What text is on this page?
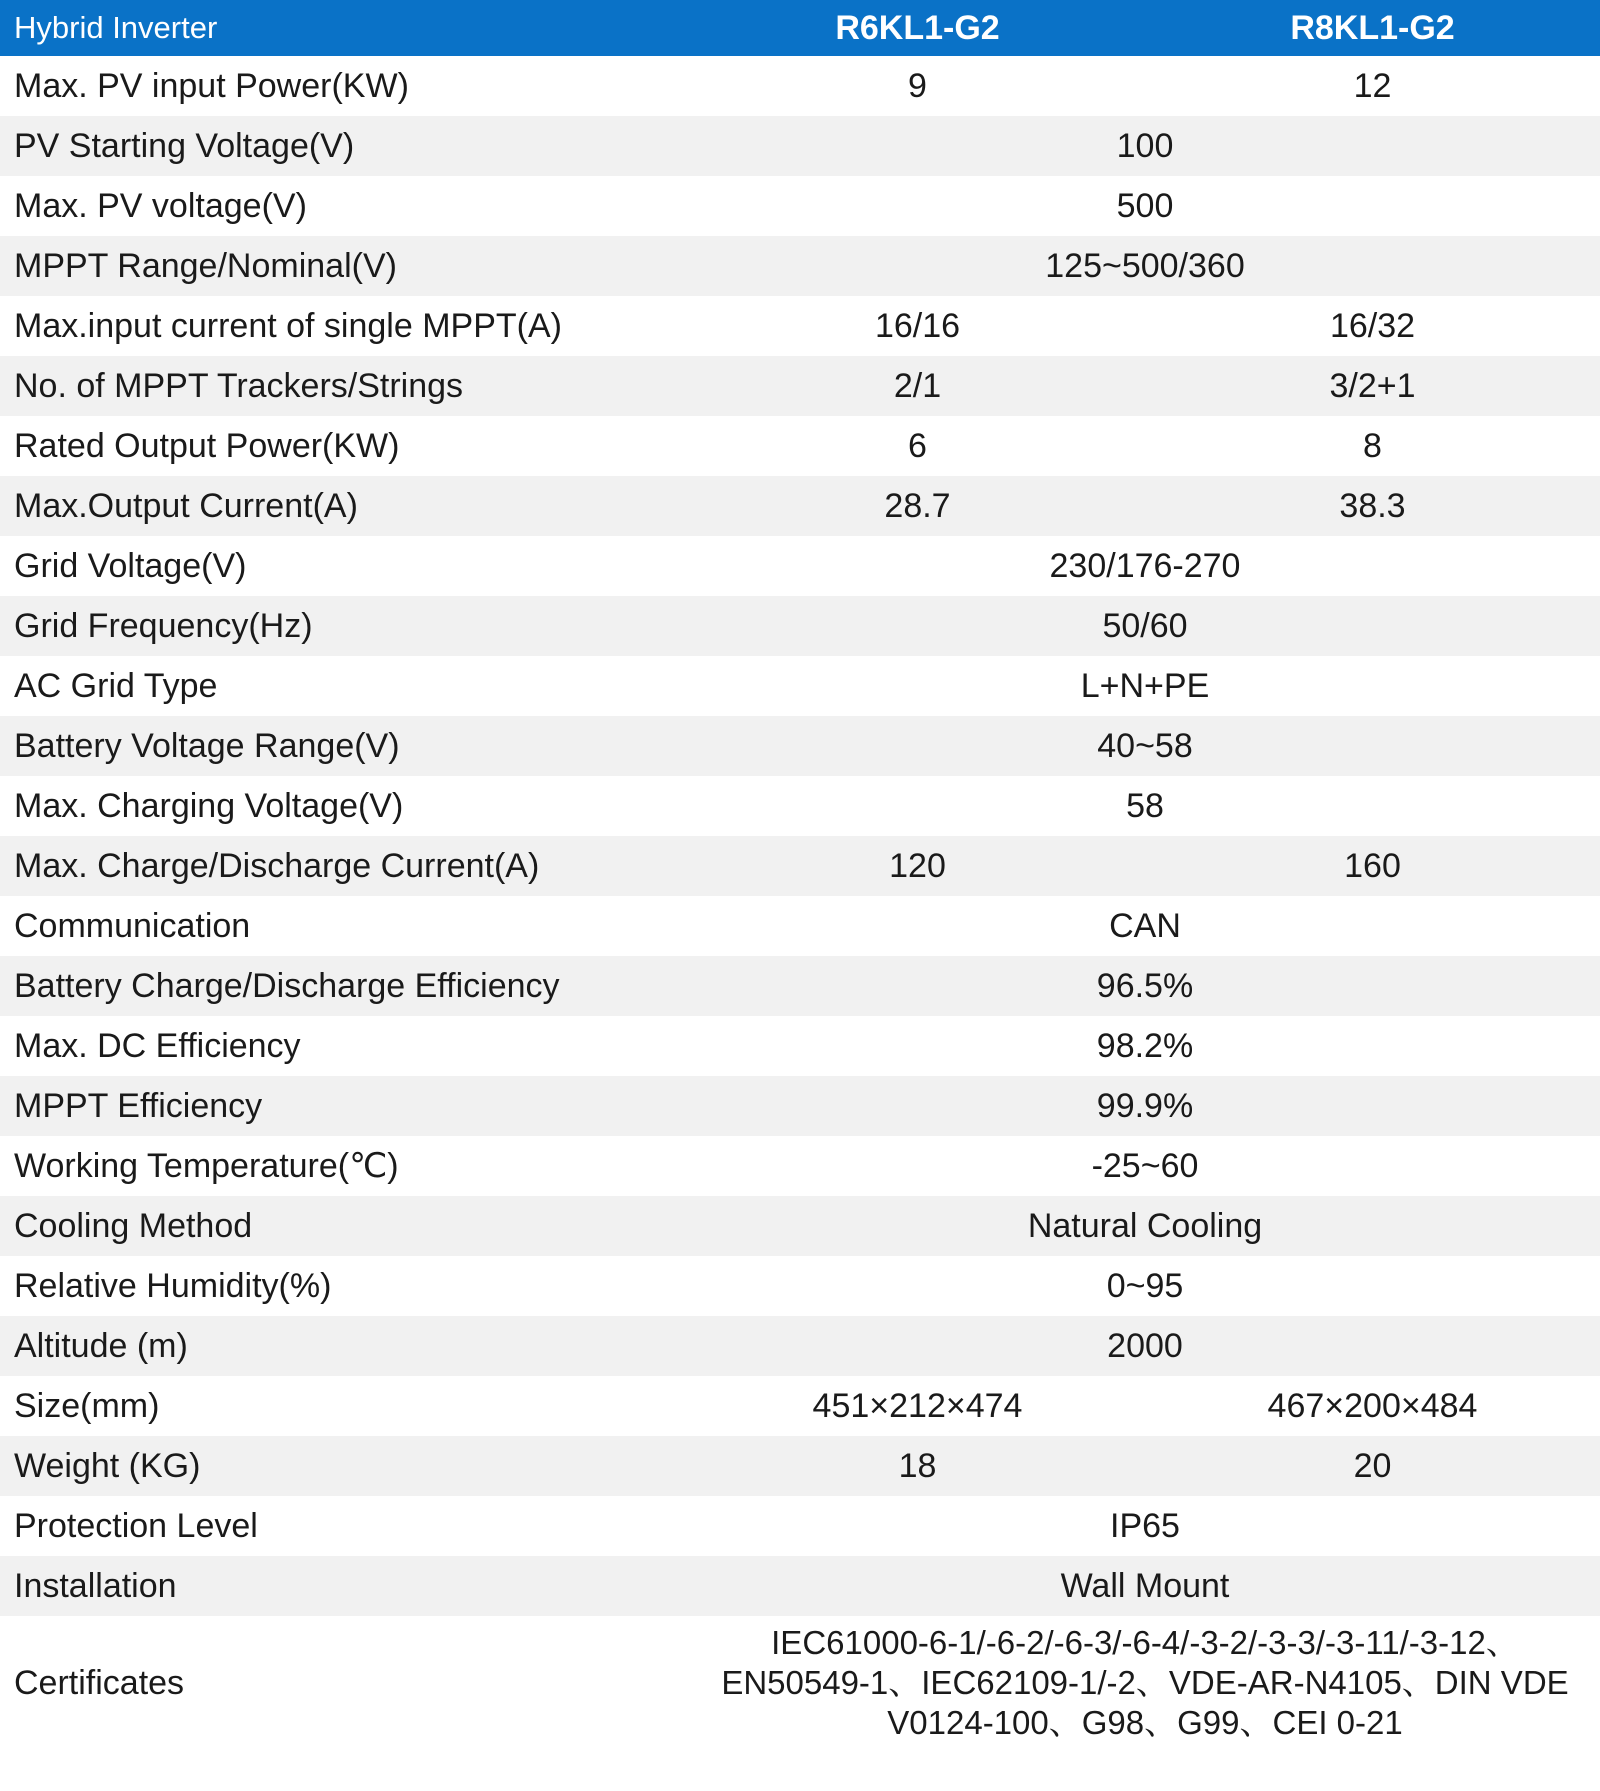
Hybrid Inverter	R6KL1-G2	R8KL1-G2
Max. PV input Power(KW)	9	12
PV Starting Voltage(V)	100	
Max. PV voltage(V)	500	
MPPT Range/Nominal(V)	125~500/360	
Max.input current of single MPPT(A)	16/16	16/32
No. of MPPT Trackers/Strings	2/1	3/2+1
Rated Output Power(KW)	6	8
Max.Output Current(A)	28.7	38.3
Grid Voltage(V)	230/176-270	
Grid Frequency(Hz)	50/60	
AC Grid Type	L+N+PE	
Battery Voltage Range(V)	40~58	
Max. Charging Voltage(V)	58	
Max. Charge/Discharge Current(A)	120	160
Communication	CAN	
Battery Charge/Discharge Efficiency	96.5%	
Max. DC Efficiency	98.2%	
MPPT Efficiency	99.9%	
Working Temperature(℃)	-25~60	
Cooling Method	Natural Cooling	
Relative Humidity(%)	0~95	
Altitude (m)	2000	
Size(mm)	451×212×474	467×200×484
Weight (KG)	18	20
Protection Level	IP65	
Installation	Wall Mount	
Certificates	IEC61000-6-1/-6-2/-6-3/-6-4/-3-2/-3-3/-3-11/-3-12、EN50549-1、IEC62109-1/-2、VDE-AR-N4105、DIN VDE V0124-100、G98、G99、CEI 0-21	
